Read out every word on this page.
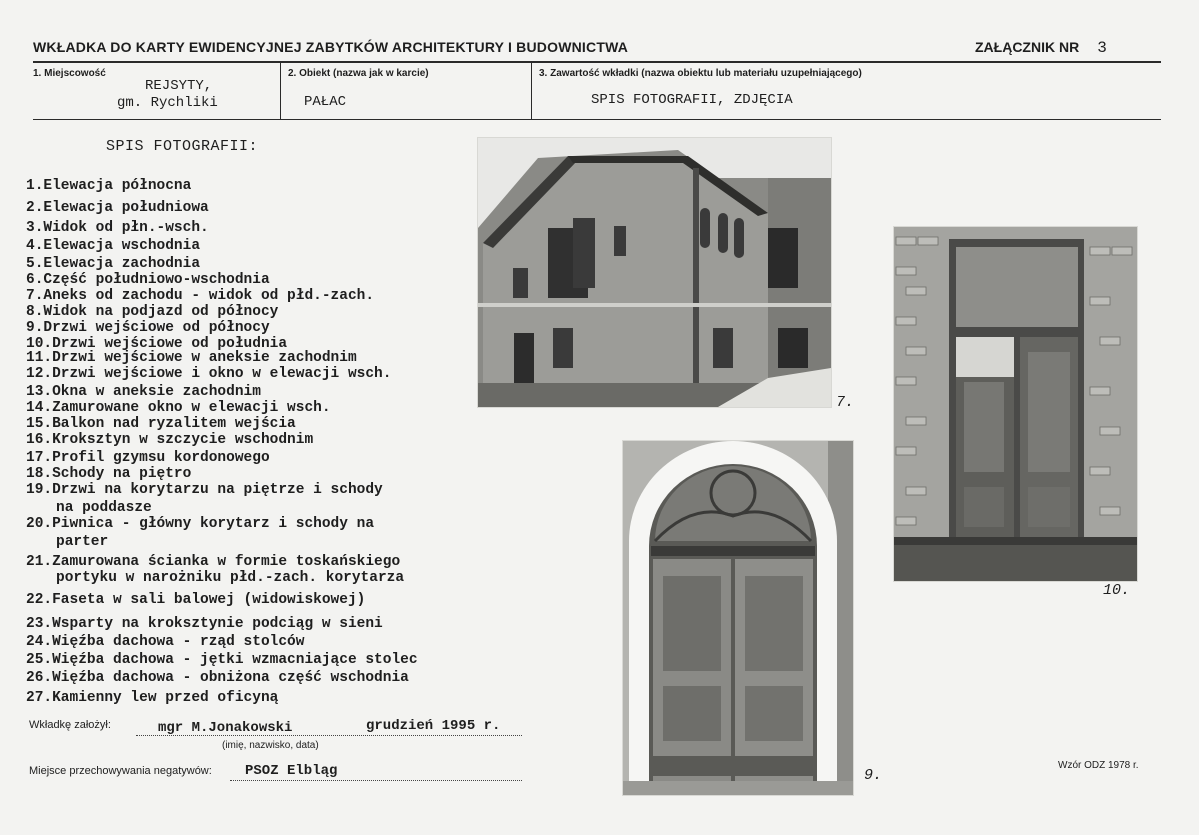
WKŁADKA DO KARTY EWIDENCYJNEJ ZABYTKÓW ARCHITEKTURY I BUDOWNICTWA	ZAŁĄCZNIK NR 3
1. Miejscowość
REJSYTY,
gm. Rychliki
2. Obiekt (nazwa jak w karcie)
PAŁAC
3. Zawartość wkładki (nazwa obiektu lub materiału uzupełniającego)
SPIS FOTOGRAFII, ZDJĘCIA
SPIS FOTOGRAFII:
1.Elewacja północna
2.Elewacja południowa
3.Widok od płn.-wsch.
4.Elewacja wschodnia
5.Elewacja zachodnia
6.Część południowo-wschodnia
7.Aneks od zachodu - widok od płd.-zach.
8.Widok na podjazd od północy
9.Drzwi wejściowe od północy
10.Drzwi wejściowe od południa
11.Drzwi wejściowe w aneksie zachodnim
12.Drzwi wejściowe i okno w elewacji wsch.
13.Okna w aneksie zachodnim
14.Zamurowane okno w elewacji wsch.
15.Balkon nad ryzalitem wejścia
16.Kroksztyn w szczycie wschodnim
17.Profil gzymsu kordonowego
18.Schody na piętro
19.Drzwi na korytarzu na piętrze i schody
na poddasze
20.Piwnica - główny korytarz i schody na
parter
21.Zamurowana ścianka w formie toskańskiego
portyku w narożniku płd.-zach. korytarza
22.Faseta w sali balowej (widowiskowej)
23.Wsparty na kroksztynie podciąg w sieni
24.Więźba dachowa - rząd stolców
25.Więźba dachowa - jętki wzmacniające stolec
26.Więźba dachowa - obniżona część wschodnia
27.Kamienny lew przed oficyną
7.
10.
9.
Wkładkę założył:	mgr M.Jonakowski	grudzień 1995 r.
(imię, nazwisko, data)
Miejsce przechowywania negatywów: PSOZ Elbląg	Wzór ODZ 1978 r.
